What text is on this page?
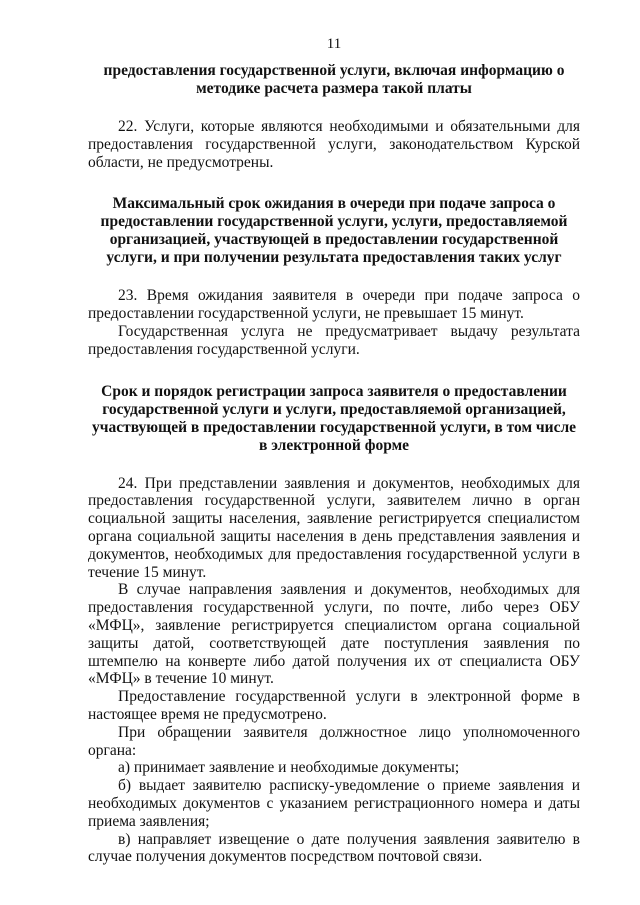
11

предоставления государственной услуги, включая информацию о методике расчета размера такой платы

22. Услуги, которые являются необходимыми и обязательными для предоставления государственной услуги, законодательством Курской области, не предусмотрены.

Максимальный срок ожидания в очереди при подаче запроса о предоставлении государственной услуги, услуги, предоставляемой организацией, участвующей в предоставлении государственной услуги, и при получении результата предоставления таких услуг

23. Время ожидания заявителя в очереди при подаче запроса о предоставлении государственной услуги, не превышает 15 минут.

Государственная услуга не предусматривает выдачу результата предоставления государственной услуги.

Срок и порядок регистрации запроса заявителя о предоставлении государственной услуги и услуги, предоставляемой организацией, участвующей в предоставлении государственной услуги, в том числе в электронной форме

24. При представлении заявления и документов, необходимых для предоставления государственной услуги, заявителем лично в орган социальной защиты населения, заявление регистрируется специалистом органа социальной защиты населения в день представления заявления и документов, необходимых для предоставления государственной услуги в течение 15 минут.

В случае направления заявления и документов, необходимых для предоставления государственной услуги, по почте, либо через ОБУ «МФЦ», заявление регистрируется специалистом органа социальной защиты датой, соответствующей дате поступления заявления по штемпелю на конверте либо датой получения их от специалиста ОБУ «МФЦ» в течение 10 минут.

Предоставление государственной услуги в электронной форме в настоящее время не предусмотрено.

При обращении заявителя должностное лицо уполномоченного органа:

а) принимает заявление и необходимые документы;

б) выдает заявителю расписку-уведомление о приеме заявления и необходимых документов с указанием регистрационного номера и даты приема заявления;

в) направляет извещение о дате получения заявления заявителю в случае получения документов посредством почтовой связи.
